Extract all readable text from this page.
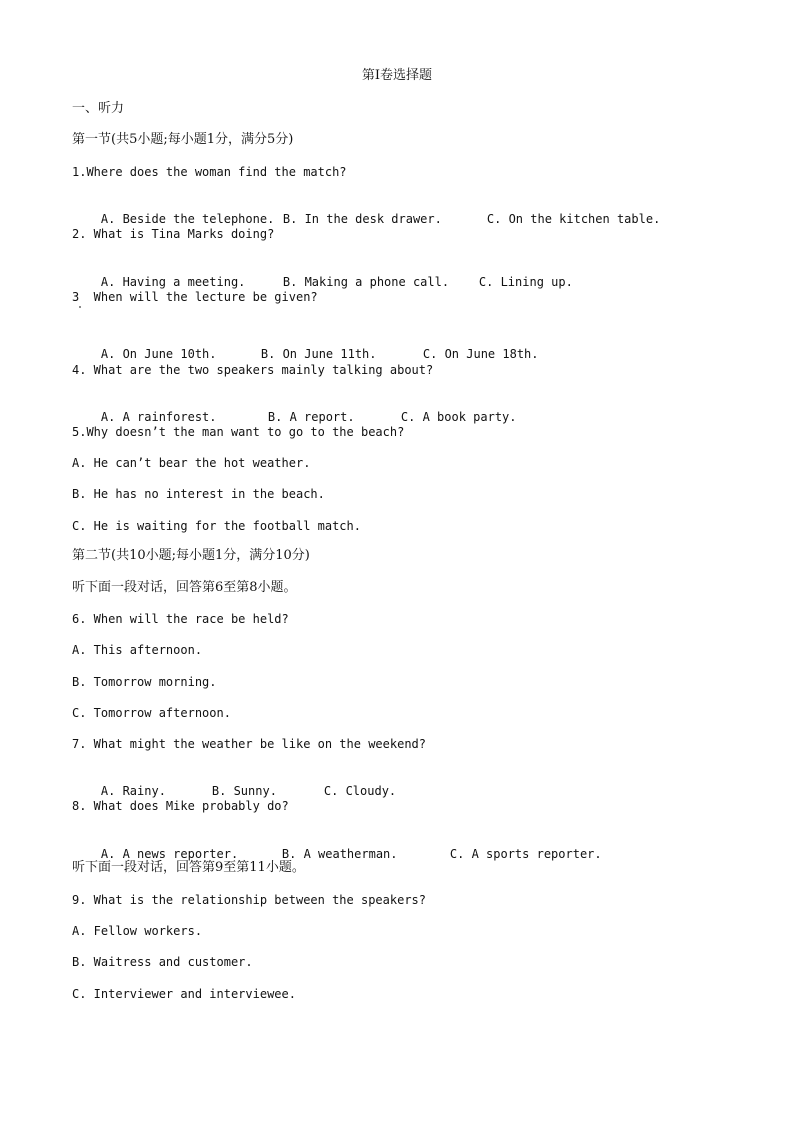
第Ⅰ卷选择题
一、听力
第一节(共5小题;每小题1分，满分5分)
1.Where does the woman find the match?

A. Beside the telephone. B. In the desk drawer.	C. On the kitchen table.

2. What is Tina Marks doing?

A. Having a meeting.	B. Making a phone call. C. Lining up.

3  When will the lecture be given?

A. On June 10th.	B. On June 11th.	C. On June 18th.

4. What are the two speakers mainly talking about?

A. A rainforest.	B. A report.	C. A book party.

5.Why doesn’t the man want to go to the beach?
A. He can’t bear the hot weather.
B. He has no interest in the beach.
C. He is waiting for the football match.
第二节(共10小题;每小题1分，满分10分)
听下面一段对话，回答第6至第8小题。
6. When will the race be held?
A. This afternoon.
B. Tomorrow morning.
C. Tomorrow afternoon.
7. What might the weather be like on the weekend?

A. Rainy.	B. Sunny.	C. Cloudy.

8. What does Mike probably do?

A. A news reporter.	B. A weatherman.	C. A sports reporter.

听下面一段对话，回答第9至第11小题。
9. What is the relationship between the speakers?
A. Fellow workers.
B. Waitress and customer.
C. Interviewer and interviewee.
